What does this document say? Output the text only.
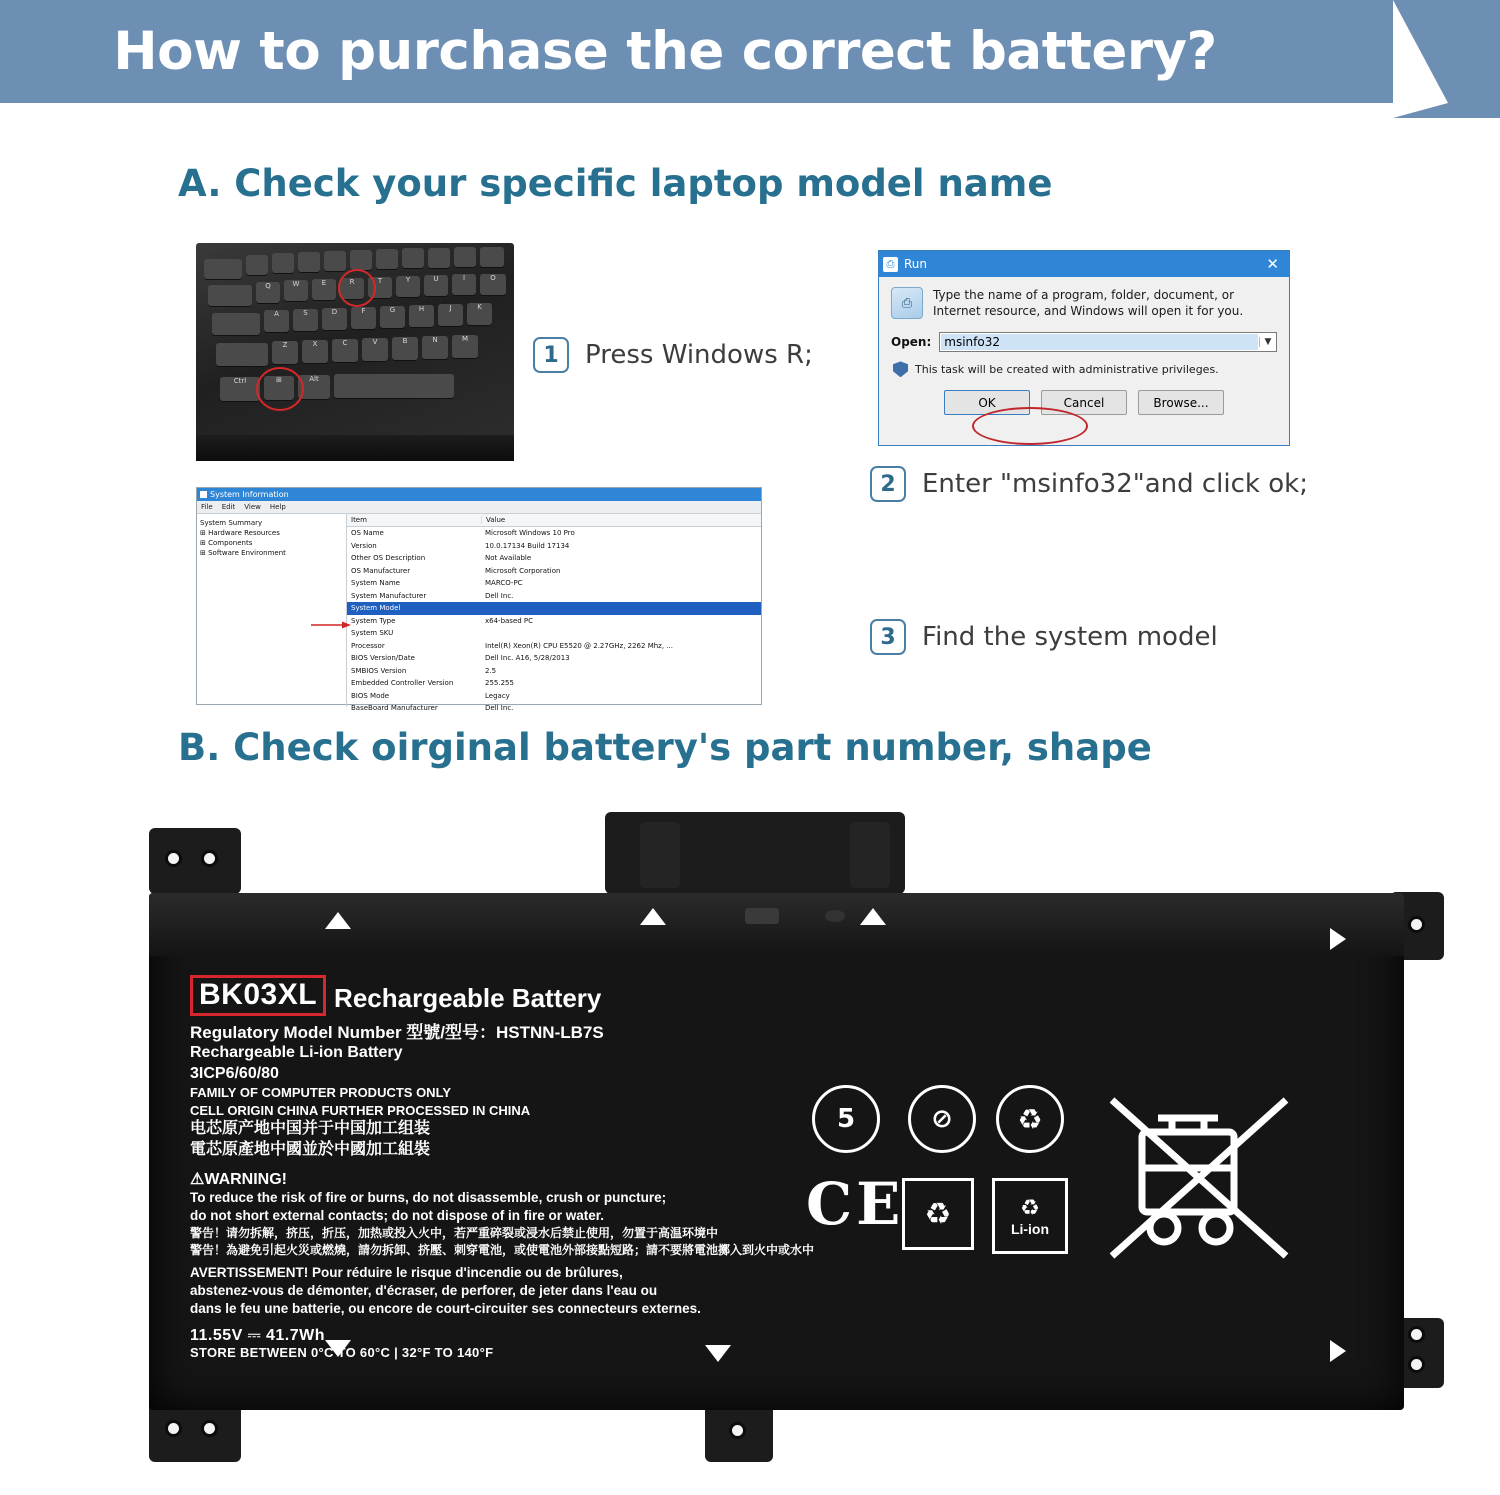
How to purchase the correct battery?
A. Check your specific laptop model name
Q	W	E	R	T	Y	U	I	O
A	S	D	F	G	H	J	K
Z	X	C	V	B	N	M
Ctrl	⊞	Alt
1	Press Windows R;
⎙ Run	✕
⎙

Type the name of a program, folder, document, or Internet resource, and Windows will open it for you.

Open: msinfo32	▼
This task will be created with administrative privileges.
OK	Cancel	Browse...
2	Enter "msinfo32"and click ok;
System Information
File Edit View Help
System Summary
⊞ Hardware Resources
⊞ Components
⊞ Software Environment
Item	Value
OS Name	Microsoft Windows 10 Pro
Version	10.0.17134 Build 17134
Other OS Description	Not Available
OS Manufacturer	Microsoft Corporation
System Name	MARCO-PC
System Manufacturer	Dell Inc.
System Model
System Type	x64-based PC
System SKU
Processor	Intel(R) Xeon(R) CPU E5520 @ 2.27GHz, 2262 Mhz, ...
BIOS Version/Date	Dell Inc. A16, 5/28/2013
SMBIOS Version	2.5
Embedded Controller Version	255.255
BIOS Mode	Legacy
BaseBoard Manufacturer	Dell Inc.
3	Find the system model
B. Check oirginal battery's part number, shape
BK03XL Rechargeable Battery
Regulatory Model Number 型號/型号：HSTNN-LB7S
Rechargeable Li-ion Battery
3ICP6/60/80
FAMILY OF COMPUTER PRODUCTS ONLY
CELL ORIGIN CHINA FURTHER PROCESSED IN CHINA
电芯原产地中国并于中国加工组装
電芯原產地中國並於中國加工組裝
⚠WARNING!
To reduce the risk of fire or burns, do not disassemble, crush or puncture;
do not short external contacts; do not dispose of in fire or water.
警告！请勿拆解，挤压，折压，加热或投入火中，若严重碎裂或浸水后禁止使用，勿置于高温环境中
警告！為避免引起火災或燃燒，請勿拆卸、挤壓、刺穿電池，或使電池外部接點短路；請不要將電池擲入到火中或水中
AVERTISSEMENT! Pour réduire le risque d'incendie ou de brûlures,
abstenez-vous de démonter, d'écraser, de perforer, de jeter dans l'eau ou
dans le feu une batterie, ou encore de court-circuiter ses connecteurs externes.
11.55V ⎓ 41.7Wh
STORE BETWEEN 0°C TO 60°C | 32°F TO 140°F
5	⊘	♻
CE ♻	♻
Li-ion
